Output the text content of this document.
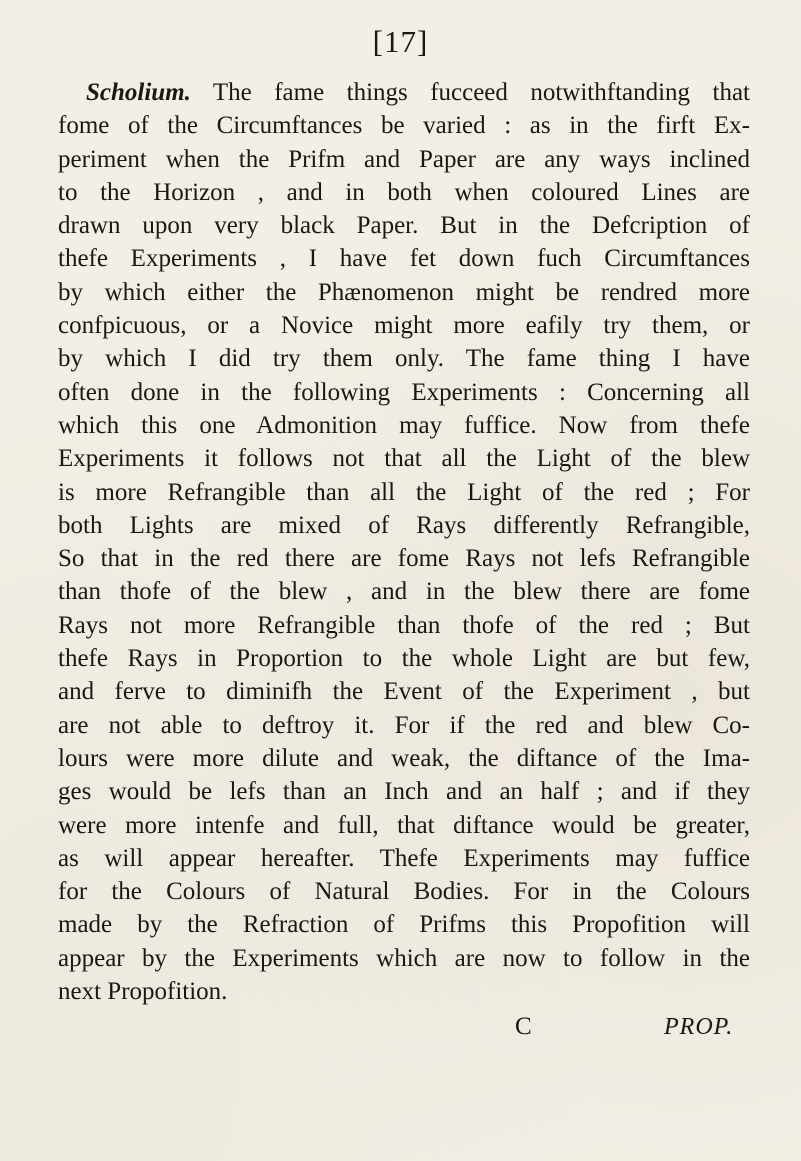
[17]
Scholium. The fame things fucceed notwithftanding that
fome of the Circumftances be varied : as in the firft Ex-
periment when the Prifm and Paper are any ways inclined
to the Horizon , and in both when coloured Lines are
drawn upon very black Paper. But in the Defcription of
thefe Experiments , I have fet down fuch Circumftances
by which either the Phænomenon might be rendred more
confpicuous, or a Novice might more eafily try them, or
by which I did try them only. The fame thing I have
often done in the following Experiments : Concerning all
which this one Admonition may fuffice. Now from thefe
Experiments it follows not that all the Light of the blew
is more Refrangible than all the Light of the red ; For
both Lights are mixed of Rays differently Refrangible,
So that in the red there are fome Rays not lefs Refrangible
than thofe of the blew , and in the blew there are fome
Rays not more Refrangible than thofe of the red ; But
thefe Rays in Proportion to the whole Light are but few,
and ferve to diminifh the Event of the Experiment , but
are not able to deftroy it. For if the red and blew Co-
lours were more dilute and weak, the diftance of the Ima-
ges would be lefs than an Inch and an half ; and if they
were more intenfe and full, that diftance would be greater,
as will appear hereafter. Thefe Experiments may fuffice
for the Colours of Natural Bodies. For in the Colours
made by the Refraction of Prifms this Propofition will
appear by the Experiments which are now to follow in the
next Propofition.
C	PROP.
